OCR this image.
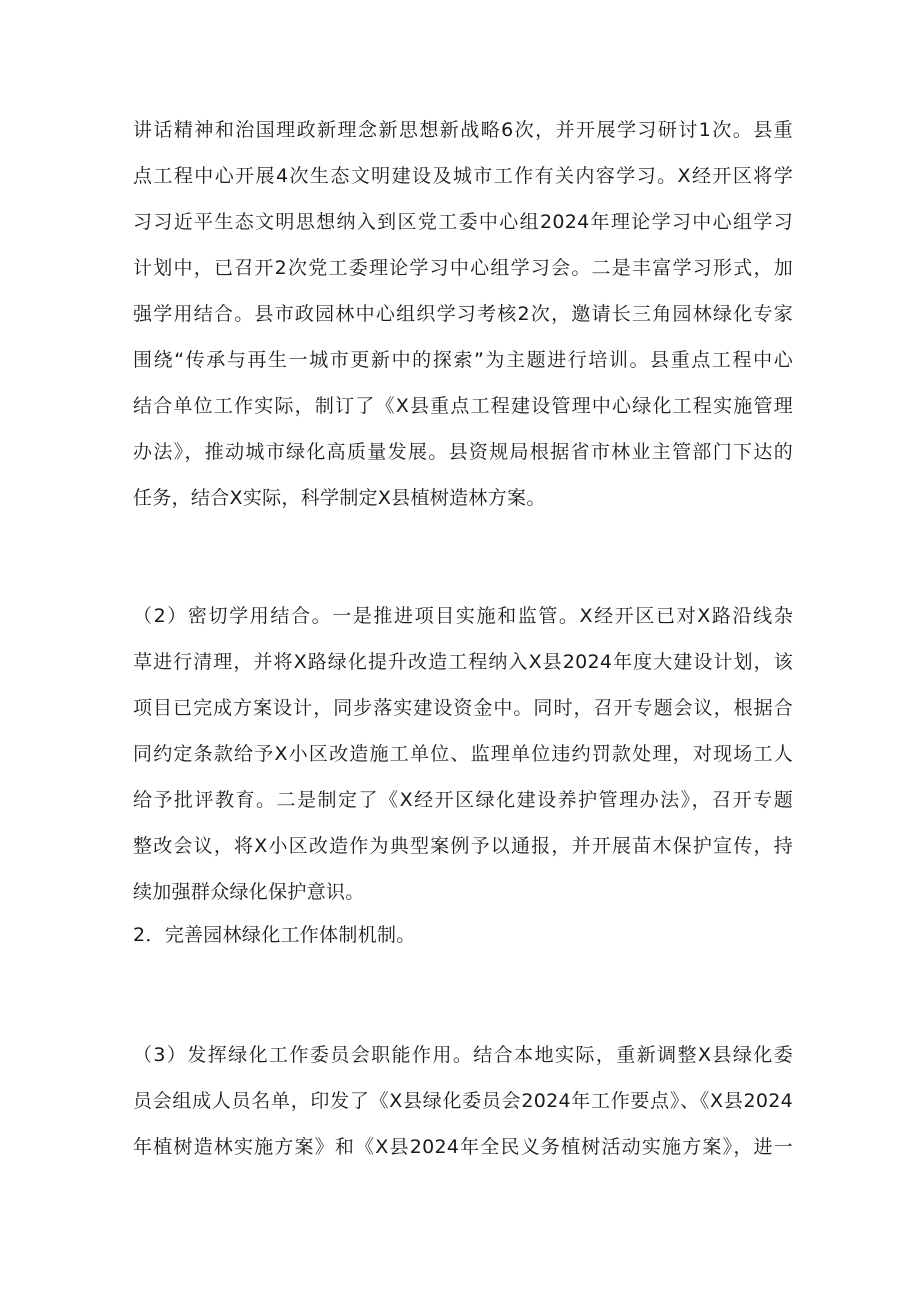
讲话精神和治国理政新理念新思想新战略6次，并开展学习研讨1次。县重
点工程中心开展4次生态文明建设及城市工作有关内容学习。X经开区将学
习习近平生态文明思想纳入到区党工委中心组2024年理论学习中心组学习
计划中，已召开2次党工委理论学习中心组学习会。二是丰富学习形式，加
强学用结合。县市政园林中心组织学习考核2次，邀请长三角园林绿化专家
围绕“传承与再生一城市更新中的探索”为主题进行培训。县重点工程中心
结合单位工作实际，制订了《X县重点工程建设管理中心绿化工程实施管理
办法》，推动城市绿化高质量发展。县资规局根据省市林业主管部门下达的
任务，结合X实际，科学制定X县植树造林方案。
（2）密切学用结合。一是推进项目实施和监管。X经开区已对X路沿线杂
草进行清理，并将X路绿化提升改造工程纳入X县2024年度大建设计划，该
项目已完成方案设计，同步落实建设资金中。同时，召开专题会议，根据合
同约定条款给予X小区改造施工单位、监理单位违约罚款处理，对现场工人
给予批评教育。二是制定了《X经开区绿化建设养护管理办法》，召开专题
整改会议，将X小区改造作为典型案例予以通报，并开展苗木保护宣传，持
续加强群众绿化保护意识。

2．完善园林绿化工作体制机制。

（3）发挥绿化工作委员会职能作用。结合本地实际，重新调整X县绿化委
员会组成人员名单，印发了《X县绿化委员会2024年工作要点》、《X县2024
年植树造林实施方案》和《X县2024年全民义务植树活动实施方案》，进一
